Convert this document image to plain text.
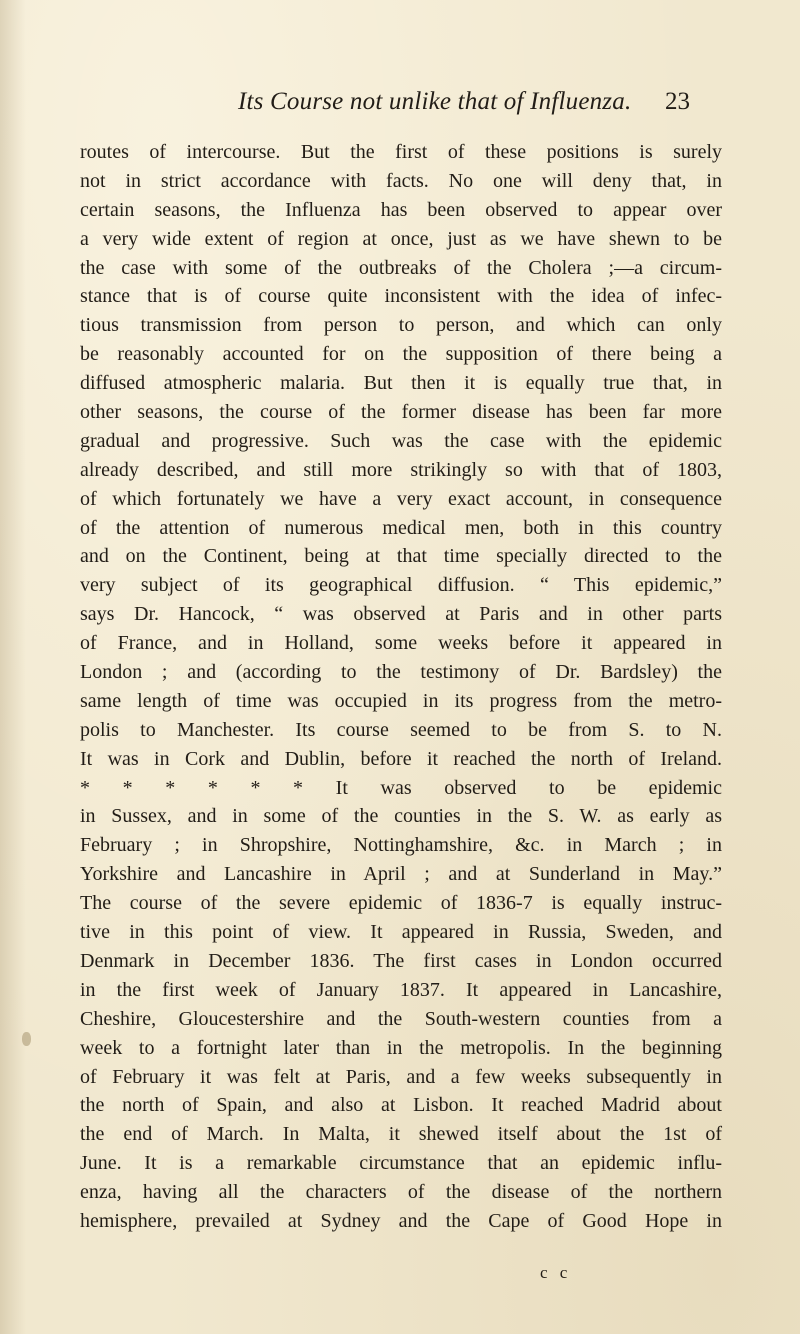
Its Course not unlike that of Influenza. 23
routes of intercourse. But the first of these positions is surely
not in strict accordance with facts. No one will deny that, in
certain seasons, the Influenza has been observed to appear over
a very wide extent of region at once, just as we have shewn to be
the case with some of the outbreaks of the Cholera ;—a circum-
stance that is of course quite inconsistent with the idea of infec-
tious transmission from person to person, and which can only
be reasonably accounted for on the supposition of there being a
diffused atmospheric malaria. But then it is equally true that, in
other seasons, the course of the former disease has been far more
gradual and progressive. Such was the case with the epidemic
already described, and still more strikingly so with that of 1803,
of which fortunately we have a very exact account, in consequence
of the attention of numerous medical men, both in this country
and on the Continent, being at that time specially directed to the
very subject of its geographical diffusion. “ This epidemic,”
says Dr. Hancock, “ was observed at Paris and in other parts
of France, and in Holland, some weeks before it appeared in
London ; and (according to the testimony of Dr. Bardsley) the
same length of time was occupied in its progress from the metro-
polis to Manchester. Its course seemed to be from S. to N.
It was in Cork and Dublin, before it reached the north of Ireland.
* * * * * * It was observed to be epidemic
in Sussex, and in some of the counties in the S. W. as early as
February ; in Shropshire, Nottinghamshire, &c. in March ; in
Yorkshire and Lancashire in April ; and at Sunderland in May.”
The course of the severe epidemic of 1836-7 is equally instruc-
tive in this point of view. It appeared in Russia, Sweden, and
Denmark in December 1836. The first cases in London occurred
in the first week of January 1837. It appeared in Lancashire,
Cheshire, Gloucestershire and the South-western counties from a
week to a fortnight later than in the metropolis. In the beginning
of February it was felt at Paris, and a few weeks subsequently in
the north of Spain, and also at Lisbon. It reached Madrid about
the end of March. In Malta, it shewed itself about the 1st of
June. It is a remarkable circumstance that an epidemic influ-
enza, having all the characters of the disease of the northern
hemisphere, prevailed at Sydney and the Cape of Good Hope in
c c
